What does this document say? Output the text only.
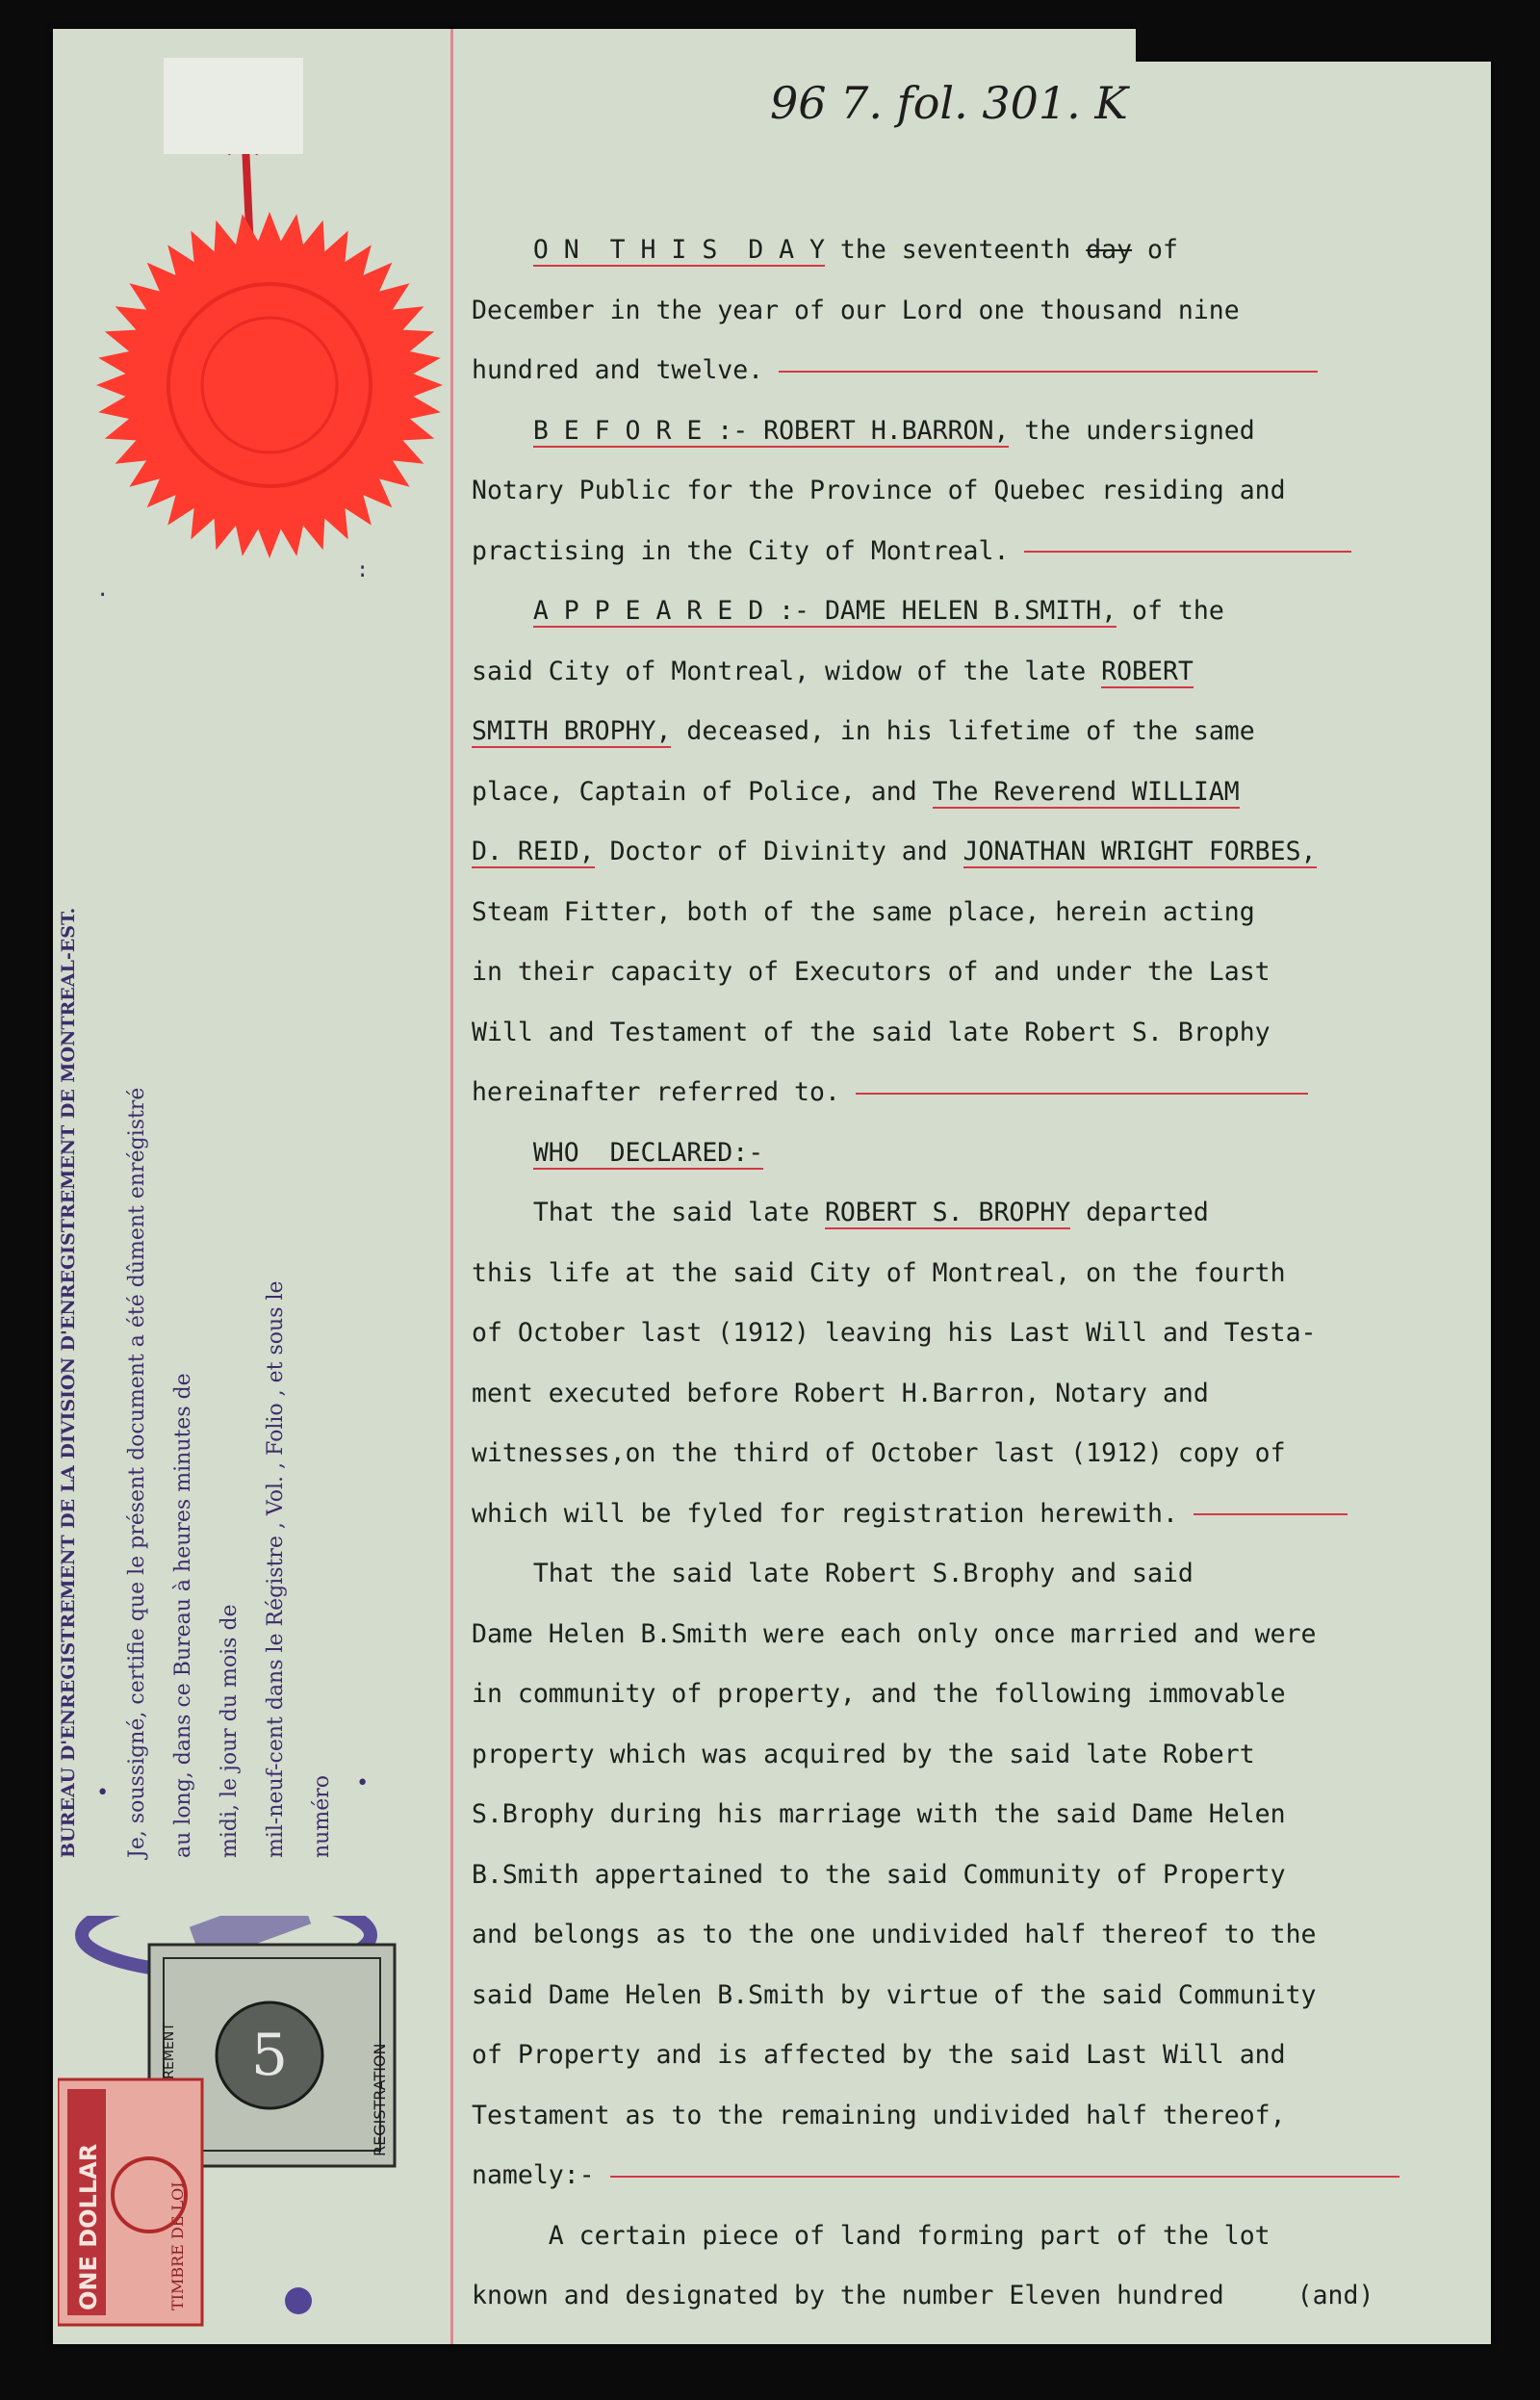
96 7. fol. 301. K
O N  T H I S  D A Y the seventeenth day of
December in the year of our Lord one thousand nine
hundred and twelve.
B E F O R E :- ROBERT H.BARRON, the undersigned
Notary Public for the Province of Quebec residing and
practising in the City of Montreal.
A P P E A R E D :- DAME HELEN B.SMITH, of the
said City of Montreal, widow of the late ROBERT
SMITH BROPHY, deceased, in his lifetime of the same
place, Captain of Police, and The Reverend WILLIAM
D. REID, Doctor of Divinity and JONATHAN WRIGHT FORBES,
Steam Fitter, both of the same place, herein acting
in their capacity of Executors of and under the Last
Will and Testament of the said late Robert S. Brophy
hereinafter referred to.
WHO  DECLARED:-
That the said late ROBERT S. BROPHY departed
this life at the said City of Montreal, on the fourth
of October last (1912) leaving his Last Will and Testa-
ment executed before Robert H.Barron, Notary and
witnesses,on the third of October last (1912) copy of
which will be fyled for registration herewith.
That the said late Robert S.Brophy and said
Dame Helen B.Smith were each only once married and were
in community of property, and the following immovable
property which was acquired by the said late Robert
S.Brophy during his marriage with the said Dame Helen
B.Smith appertained to the said Community of Property
and belongs as to the one undivided half thereof to the
said Dame Helen B.Smith by virtue of the said Community
of Property and is affected by the said Last Will and
Testament as to the remaining undivided half thereof,
namely:-
A certain piece of land forming part of the lot
known and designated by the number Eleven hundred   (and)
BUREAU D'ENREGISTREMENT DE LA DIVISION D'ENREGISTREMENT DE MONTREAL-EST. Je, soussigné, certifie que le présent document a été dûment enrégistré au long, dans ce Bureau à heures minutes de midi, le jour du mois de mil-neuf-cent dans le Régistre , Vol. , Folio , et sous le numéro
5	REGISTRATION
ONE DOLLAR	TIMBRE DE LOI
.
:
•	•
